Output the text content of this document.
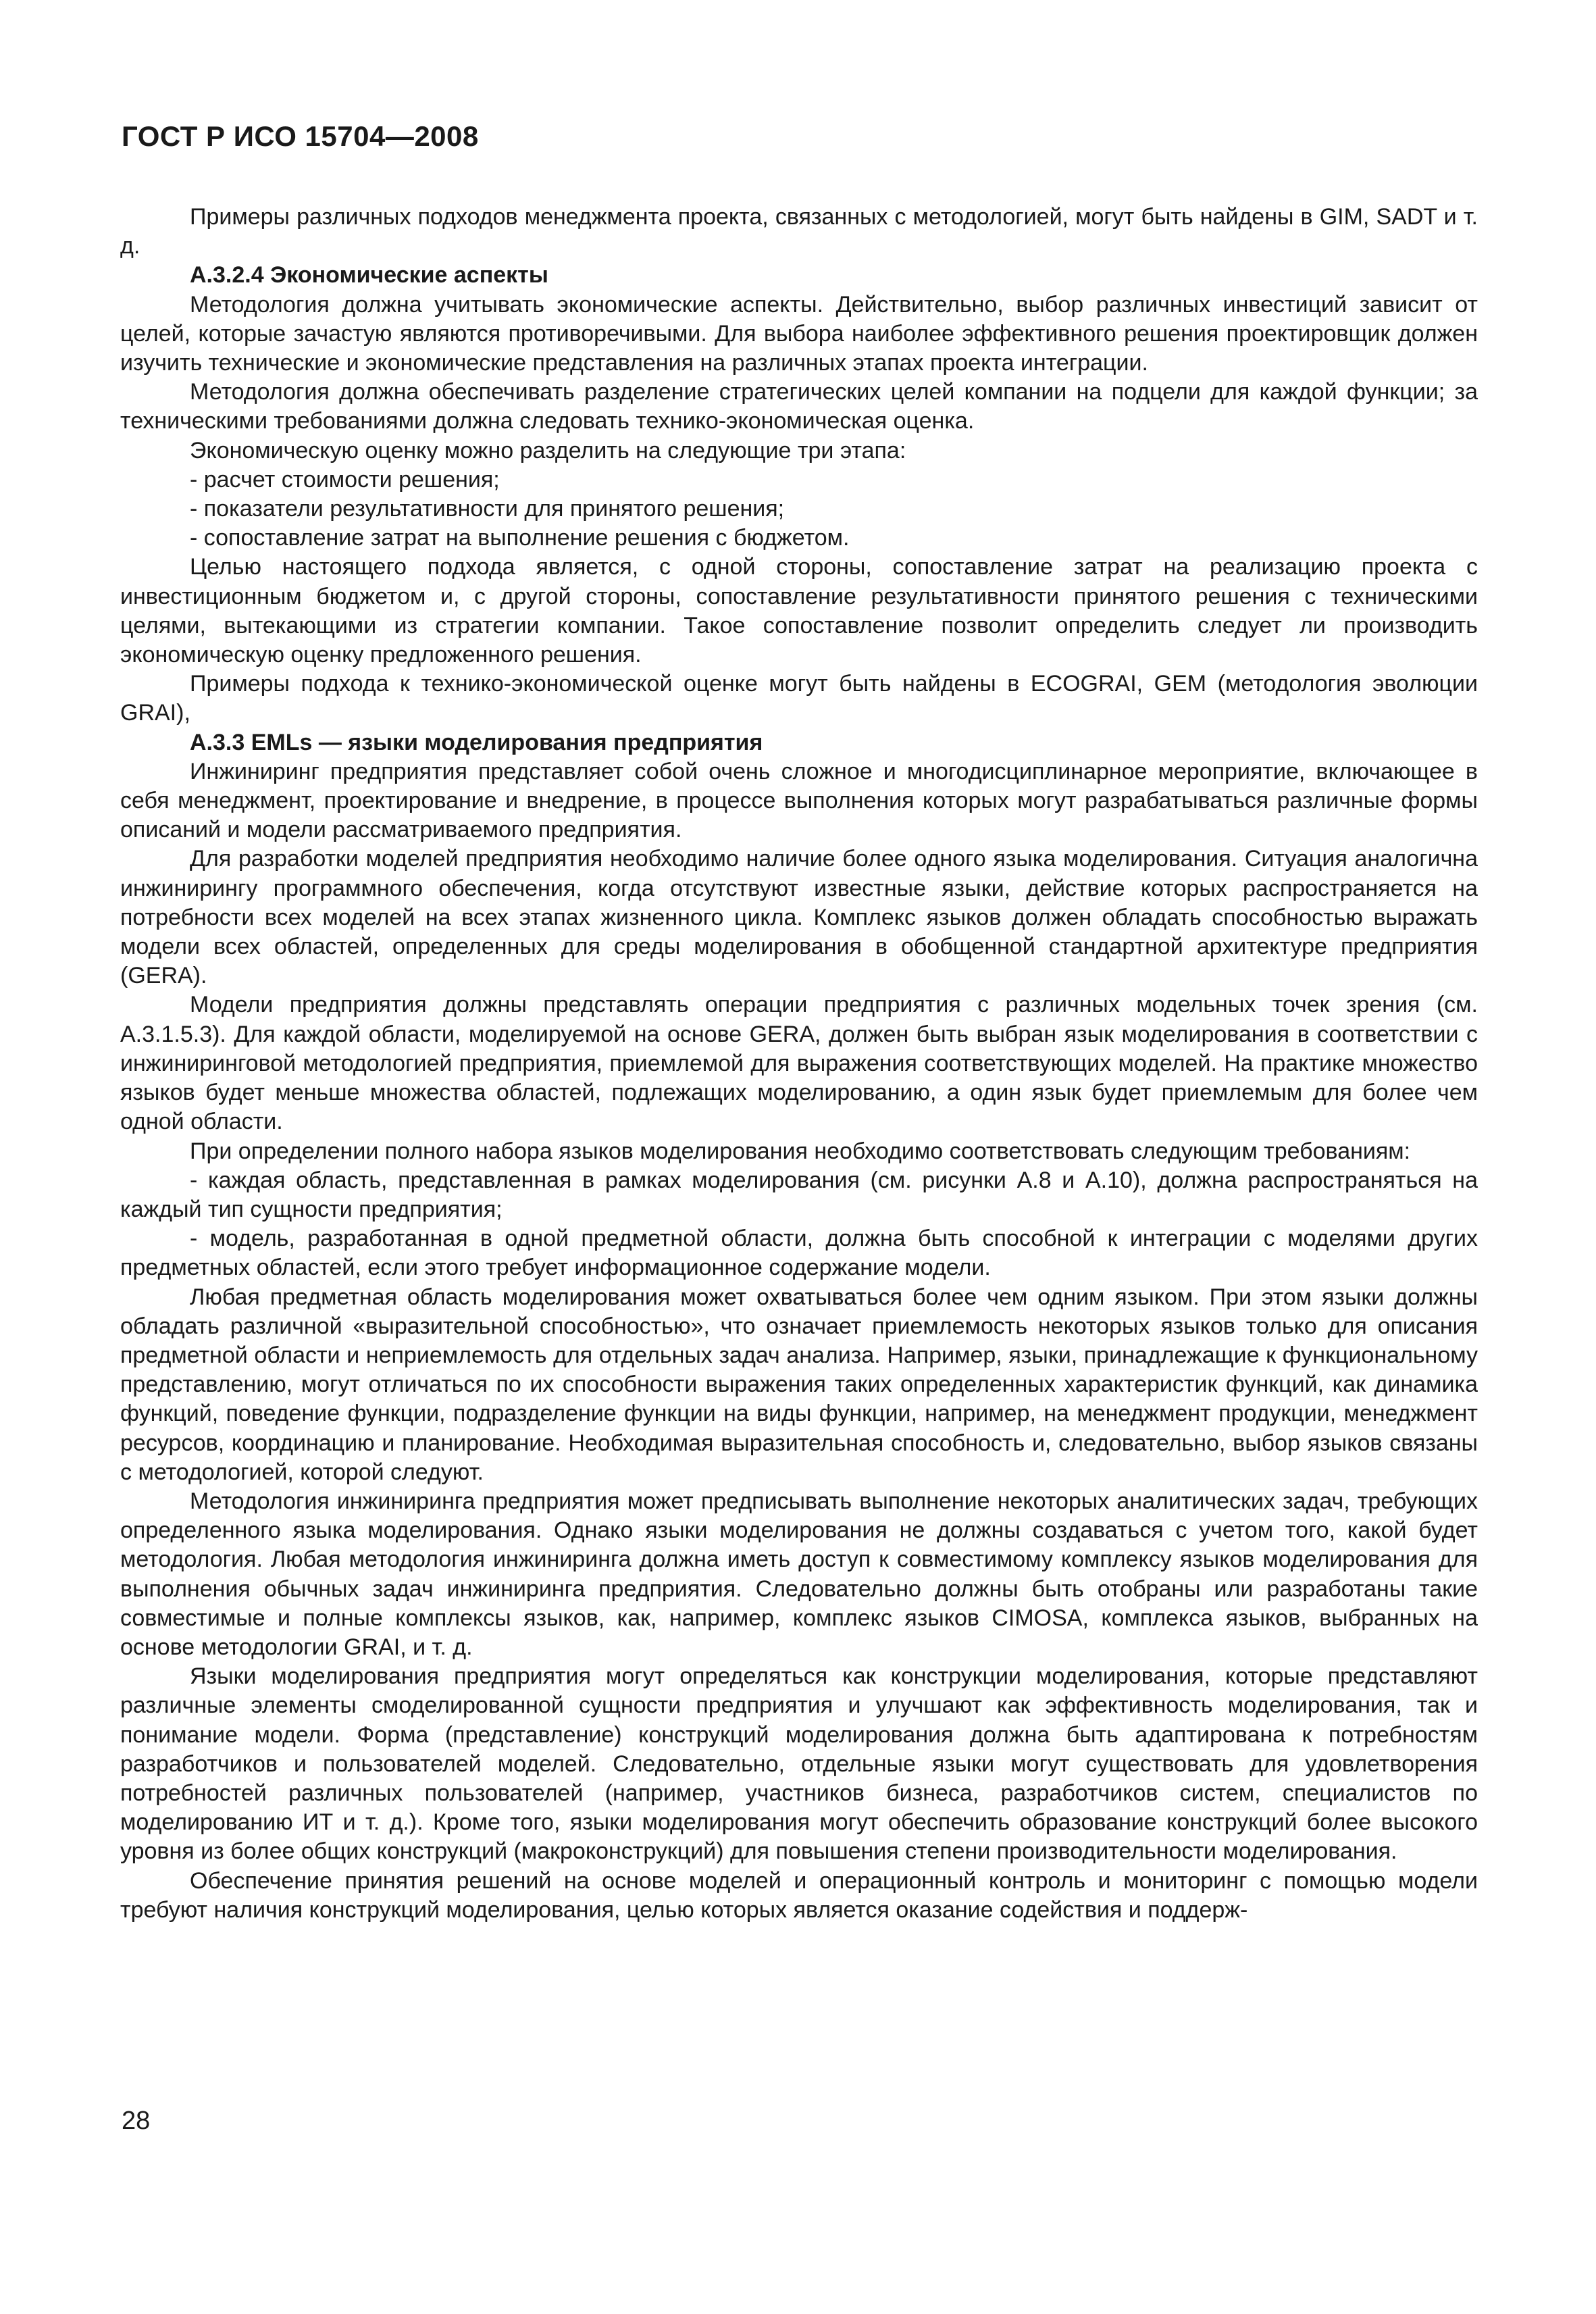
ГОСТ Р ИСО 15704—2008

Примеры различных подходов менеджмента проекта, связанных с методологией, могут быть найдены в GIM, SADT и т. д.

А.3.2.4 Экономические аспекты

Методология должна учитывать экономические аспекты. Действительно, выбор различных инвестиций зависит от целей, которые зачастую являются противоречивыми. Для выбора наиболее эффективного решения проектировщик должен изучить технические и экономические представления на различных этапах проекта интеграции.

Методология должна обеспечивать разделение стратегических целей компании на подцели для каждой функции; за техническими требованиями должна следовать технико-экономическая оценка.

Экономическую оценку можно разделить на следующие три этапа:

- расчет стоимости решения;

- показатели результативности для принятого решения;

- сопоставление затрат на выполнение решения с бюджетом.

Целью настоящего подхода является, с одной стороны, сопоставление затрат на реализацию проекта с инвестиционным бюджетом и, с другой стороны, сопоставление результативности принятого решения с техническими целями, вытекающими из стратегии компании. Такое сопоставление позволит определить следует ли производить экономическую оценку предложенного решения.

Примеры подхода к технико-экономической оценке могут быть найдены в ECOGRAI, GEM (методология эволюции GRAI),

А.3.3 EMLs — языки моделирования предприятия

Инжиниринг предприятия представляет собой очень сложное и многодисциплинарное мероприятие, включающее в себя менеджмент, проектирование и внедрение, в процессе выполнения которых могут разрабатываться различные формы описаний и модели рассматриваемого предприятия.

Для разработки моделей предприятия необходимо наличие более одного языка моделирования. Ситуация аналогична инжинирингу программного обеспечения, когда отсутствуют известные языки, действие которых распространяется на потребности всех моделей на всех этапах жизненного цикла. Комплекс языков должен обладать способностью выражать модели всех областей, определенных для среды моделирования в обобщенной стандартной архитектуре предприятия (GERA).

Модели предприятия должны представлять операции предприятия с различных модельных точек зрения (см. А.3.1.5.3). Для каждой области, моделируемой на основе GERA, должен быть выбран язык моделирования в соответствии с инжиниринговой методологией предприятия, приемлемой для выражения соответствующих моделей. На практике множество языков будет меньше множества областей, подлежащих моделированию, а один язык будет приемлемым для более чем одной области.

При определении полного набора языков моделирования необходимо соответствовать следующим требованиям:

- каждая область, представленная в рамках моделирования (см. рисунки А.8 и А.10), должна распространяться на каждый тип сущности предприятия;

- модель, разработанная в одной предметной области, должна быть способной к интеграции с моделями других предметных областей, если этого требует информационное содержание модели.

Любая предметная область моделирования может охватываться более чем одним языком. При этом языки должны обладать различной «выразительной способностью», что означает приемлемость некоторых языков только для описания предметной области и неприемлемость для отдельных задач анализа. Например, языки, принадлежащие к функциональному представлению, могут отличаться по их способности выражения таких определенных характеристик функций, как динамика функций, поведение функции, подразделение функции на виды функции, например, на менеджмент продукции, менеджмент ресурсов, координацию и планирование. Необходимая выразительная способность и, следовательно, выбор языков связаны с методологией, которой следуют.

Методология инжиниринга предприятия может предписывать выполнение некоторых аналитических задач, требующих определенного языка моделирования. Однако языки моделирования не должны создаваться с учетом того, какой будет методология. Любая методология инжиниринга должна иметь доступ к совместимому комплексу языков моделирования для выполнения обычных задач инжиниринга предприятия. Следовательно должны быть отобраны или разработаны такие совместимые и полные комплексы языков, как, например, комплекс языков CIMOSA, комплекса языков, выбранных на основе методологии GRAI, и т. д.

Языки моделирования предприятия могут определяться как конструкции моделирования, которые представляют различные элементы смоделированной сущности предприятия и улучшают как эффективность моделирования, так и понимание модели. Форма (представление) конструкций моделирования должна быть адаптирована к потребностям разработчиков и пользователей моделей. Следовательно, отдельные языки могут существовать для удовлетворения потребностей различных пользователей (например, участников бизнеса, разработчиков систем, специалистов по моделированию ИТ и т. д.). Кроме того, языки моделирования могут обеспечить образование конструкций более высокого уровня из более общих конструкций (макроконструкций) для повышения степени производительности моделирования.

Обеспечение принятия решений на основе моделей и операционный контроль и мониторинг с помощью модели требуют наличия конструкций моделирования, целью которых является оказание содействия и поддерж-

28
